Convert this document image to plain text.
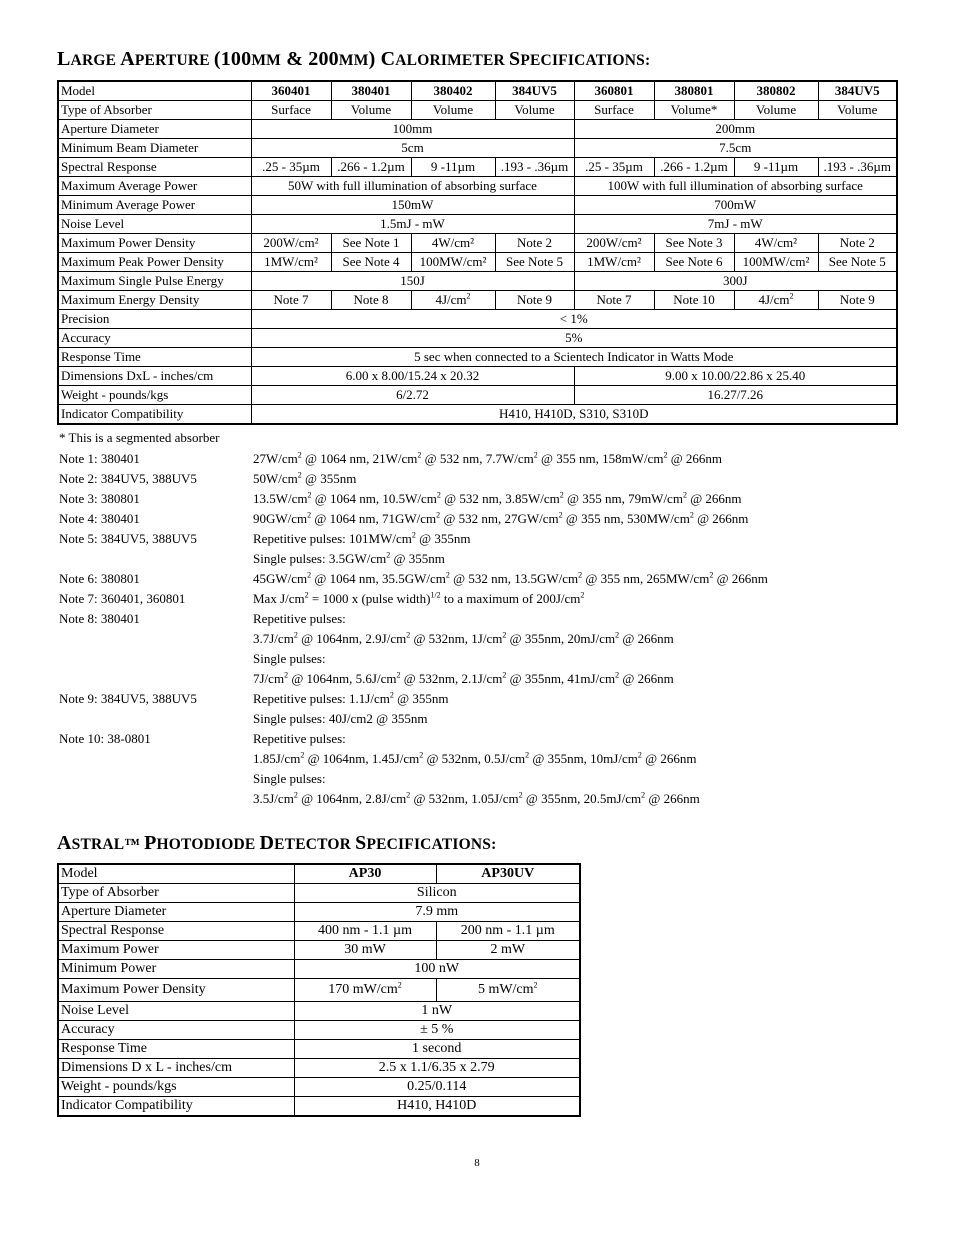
LARGE APERTURE (100MM & 200MM) CALORIMETER SPECIFICATIONS:
Model	360401	380401	380402	384UV5	360801	380801	380802	384UV5
Type of Absorber	Surface	Volume	Volume	Volume	Surface	Volume*	Volume	Volume
Aperture Diameter	100mm				200mm			
Minimum Beam Diameter	5cm				7.5cm			
Spectral Response	.25 - 35µm	.266 - 1.2µm	9 -11µm	.193 - .36µm	.25 - 35µm	.266 - 1.2µm	9 -11µm	.193 - .36µm
Maximum Average Power	50W with full illumination of absorbing surface				100W with full illumination of absorbing surface			
Minimum Average Power	150mW				700mW			
Noise Level	1.5mJ - mW				7mJ - mW			
Maximum Power Density	200W/cm²	See Note 1	4W/cm²	Note 2	200W/cm²	See Note 3	4W/cm²	Note 2
Maximum Peak Power Density	1MW/cm²	See Note 4	100MW/cm²	See Note 5	1MW/cm²	See Note 6	100MW/cm²	See Note 5
Maximum Single Pulse Energy	150J				300J			
Maximum Energy Density	Note 7	Note 8	$4J/cm^2$	Note 9	Note 7	Note 10	$4J/cm^2$	Note 9
Precision	< 1%							
Accuracy	5%							
Response Time	5 sec when connected to a Scientech Indicator in Watts Mode							
Dimensions DxL - inches/cm	6.00 x 8.00/15.24 x 20.32				9.00 x 10.00/22.86 x 25.40			
Weight - pounds/kgs	6/2.72				16.27/7.26			
Indicator Compatibility	H410, H410D, S310, S310D							
* This is a segmented absorber
Note 1: 380401	$27W/cm^2$ @ 1064 nm, $21W/cm^2$ @ 532 nm, $7.7W/cm^2$ @ 355 nm, $158mW/cm^2$ @ 266nm
Note 2: 384UV5, 388UV5	$50W/cm^2$ @ 355nm
Note 3: 380801	$13.5W/cm^2$ @ 1064 nm, $10.5W/cm^2$ @ 532 nm, $3.85W/cm^2$ @ 355 nm, $79mW/cm^2$ @ 266nm
Note 4: 380401	$90GW/cm^2$ @ 1064 nm, $71GW/cm^2$ @ 532 nm, $27GW/cm^2$ @ 355 nm, $530MW/cm^2$ @ 266nm
Note 5: 384UV5, 388UV5	Repetitive pulses: $101MW/cm^2$ @ 355nm
Single pulses: $3.5GW/cm^2$ @ 355nm
Note 6: 380801	$45GW/cm^2$ @ 1064 nm, $35.5GW/cm^2$ @ 532 nm, $13.5GW/cm^2$ @ 355 nm, $265MW/cm^2$ @ 266nm
Note 7: 360401, 360801	Max $J/cm^2 = 1000$ x (pulse width)$^{1/2}$ to a maximum of $200J/cm^2$
Note 8: 380401	Repetitive pulses:
$3.7J/cm^2$ @ 1064nm, $2.9J/cm^2$ @ 532nm, $1J/cm^2$ @ 355nm, $20mJ/cm^2$ @ 266nm
Single pulses:
$7J/cm^2$ @ 1064nm, $5.6J/cm^2$ @ 532nm, $2.1J/cm^2$ @ 355nm, $41mJ/cm^2$ @ 266nm
Note 9: 384UV5, 388UV5	Repetitive pulses: $1.1J/cm^2$ @ 355nm
Single pulses: 40J/cm2 @ 355nm
Note 10: 38-0801	Repetitive pulses:
$1.85J/cm^2$ @ 1064nm, $1.45J/cm^2$ @ 532nm, $0.5J/cm^2$ @ 355nm, $10mJ/cm^2$ @ 266nm
Single pulses:
$3.5J/cm^2$ @ 1064nm, $2.8J/cm^2$ @ 532nm, $1.05J/cm^2$ @ 355nm, $20.5mJ/cm^2$ @ 266nm
ASTRAL™ PHOTODIODE DETECTOR SPECIFICATIONS:
Model	AP30	AP30UV
Type of Absorber	Silicon	
Aperture Diameter	7.9 mm	
Spectral Response	400 nm - 1.1 µm	200 nm - 1.1 µm
Maximum Power	30 mW	2 mW
Minimum Power	100 nW	
Maximum Power Density	170 $mW/cm^2$	5 $mW/cm^2$
Noise Level	1 nW	
Accuracy	± 5 %	
Response Time	1 second	
Dimensions D x L - inches/cm	2.5 x 1.1/6.35 x 2.79	
Weight - pounds/kgs	0.25/0.114	
Indicator Compatibility	H410, H410D	
8
